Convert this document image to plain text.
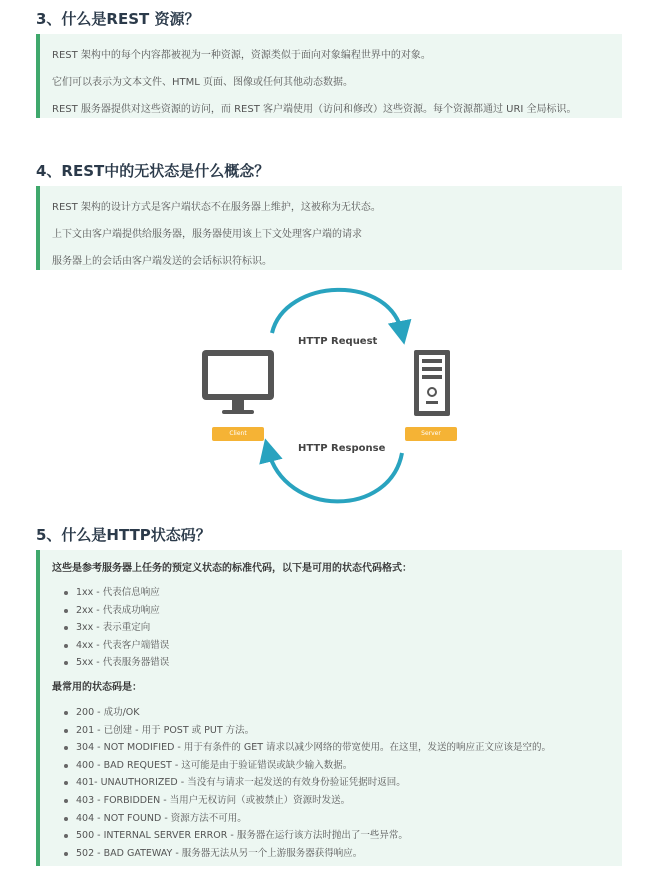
3、什么是REST 资源？

REST 架构中的每个内容都被视为一种资源，资源类似于面向对象编程世界中的对象。

它们可以表示为文本文件、HTML 页面、图像或任何其他动态数据。

REST 服务器提供对这些资源的访问，而 REST 客户端使用（访问和修改）这些资源。每个资源都通过 URI 全局标识。

4、REST中的无状态是什么概念？

REST 架构的设计方式是客户端状态不在服务器上维护，这被称为无状态。

上下文由客户端提供给服务器，服务器使用该上下文处理客户端的请求

服务器上的会话由客户端发送的会话标识符标识。

HTTP Request
HTTP Response
Client	Server
5、什么是HTTP状态码？

这些是参考服务器上任务的预定义状态的标准代码，以下是可用的状态代码格式：

1xx - 代表信息响应
2xx - 代表成功响应
3xx - 表示重定向
4xx - 代表客户端错误
5xx - 代表服务器错误

最常用的状态码是：

200 - 成功/OK
201 - 已创建 - 用于 POST 或 PUT 方法。
304 - NOT MODIFIED - 用于有条件的 GET 请求以减少网络的带宽使用。在这里，发送的响应正文应该是空的。
400 - BAD REQUEST - 这可能是由于验证错误或缺少输入数据。
401- UNAUTHORIZED - 当没有与请求一起发送的有效身份验证凭据时返回。
403 - FORBIDDEN - 当用户无权访问（或被禁止）资源时发送。
404 - NOT FOUND - 资源方法不可用。
500 - INTERNAL SERVER ERROR - 服务器在运行该方法时抛出了一些异常。
502 - BAD GATEWAY - 服务器无法从另一个上游服务器获得响应。
